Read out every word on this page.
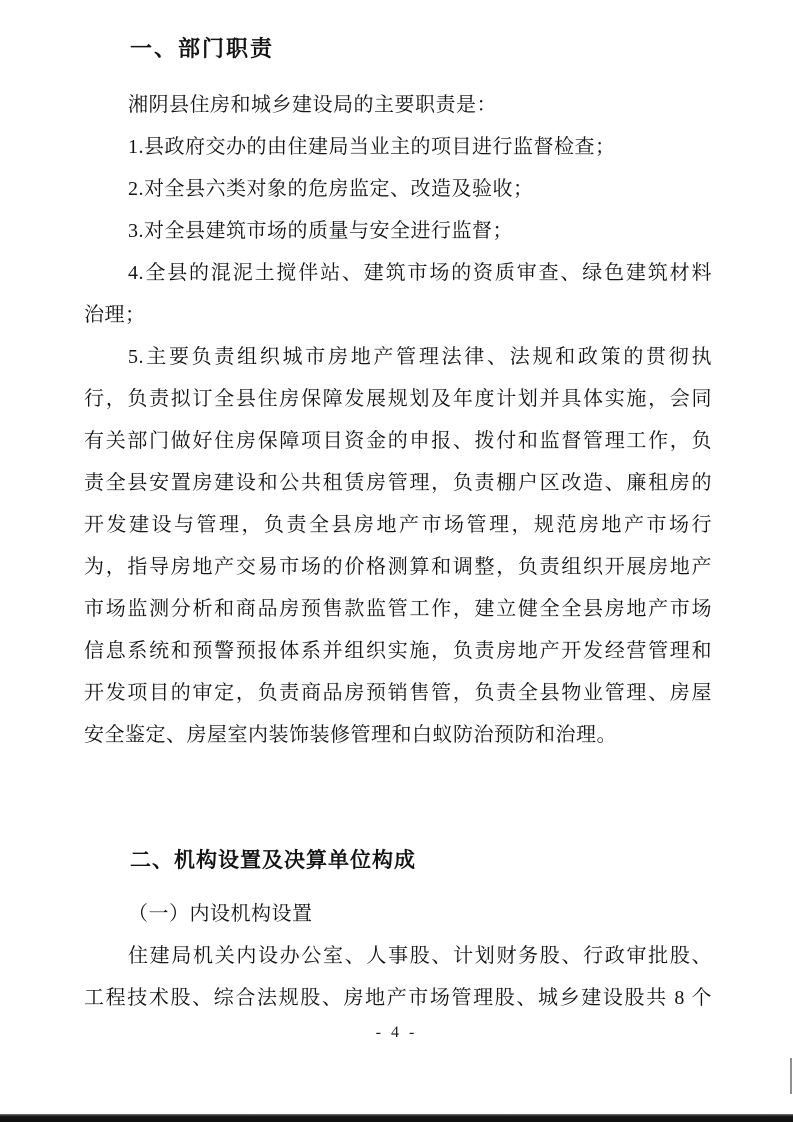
一、部门职责
湘阴县住房和城乡建设局的主要职责是：
1.县政府交办的由住建局当业主的项目进行监督检查；
2.对全县六类对象的危房监定、改造及验收；
3.对全县建筑市场的质量与安全进行监督；
4.全县的混泥土搅伴站、建筑市场的资质审查、绿色建筑材料
治理；
5.主要负责组织城市房地产管理法律、法规和政策的贯彻执
行，负责拟订全县住房保障发展规划及年度计划并具体实施，会同
有关部门做好住房保障项目资金的申报、拨付和监督管理工作，负
责全县安置房建设和公共租赁房管理，负责棚户区改造、廉租房的
开发建设与管理，负责全县房地产市场管理，规范房地产市场行
为，指导房地产交易市场的价格测算和调整，负责组织开展房地产
市场监测分析和商品房预售款监管工作，建立健全全县房地产市场
信息系统和预警预报体系并组织实施，负责房地产开发经营管理和
开发项目的审定，负责商品房预销售管，负责全县物业管理、房屋
安全鉴定、房屋室内装饰装修管理和白蚁防治预防和治理。
二、机构设置及决算单位构成
（一）内设机构设置
住建局机关内设办公室、人事股、计划财务股、行政审批股、
工程技术股、综合法规股、房地产市场管理股、城乡建设股共 8 个
- 4 -
